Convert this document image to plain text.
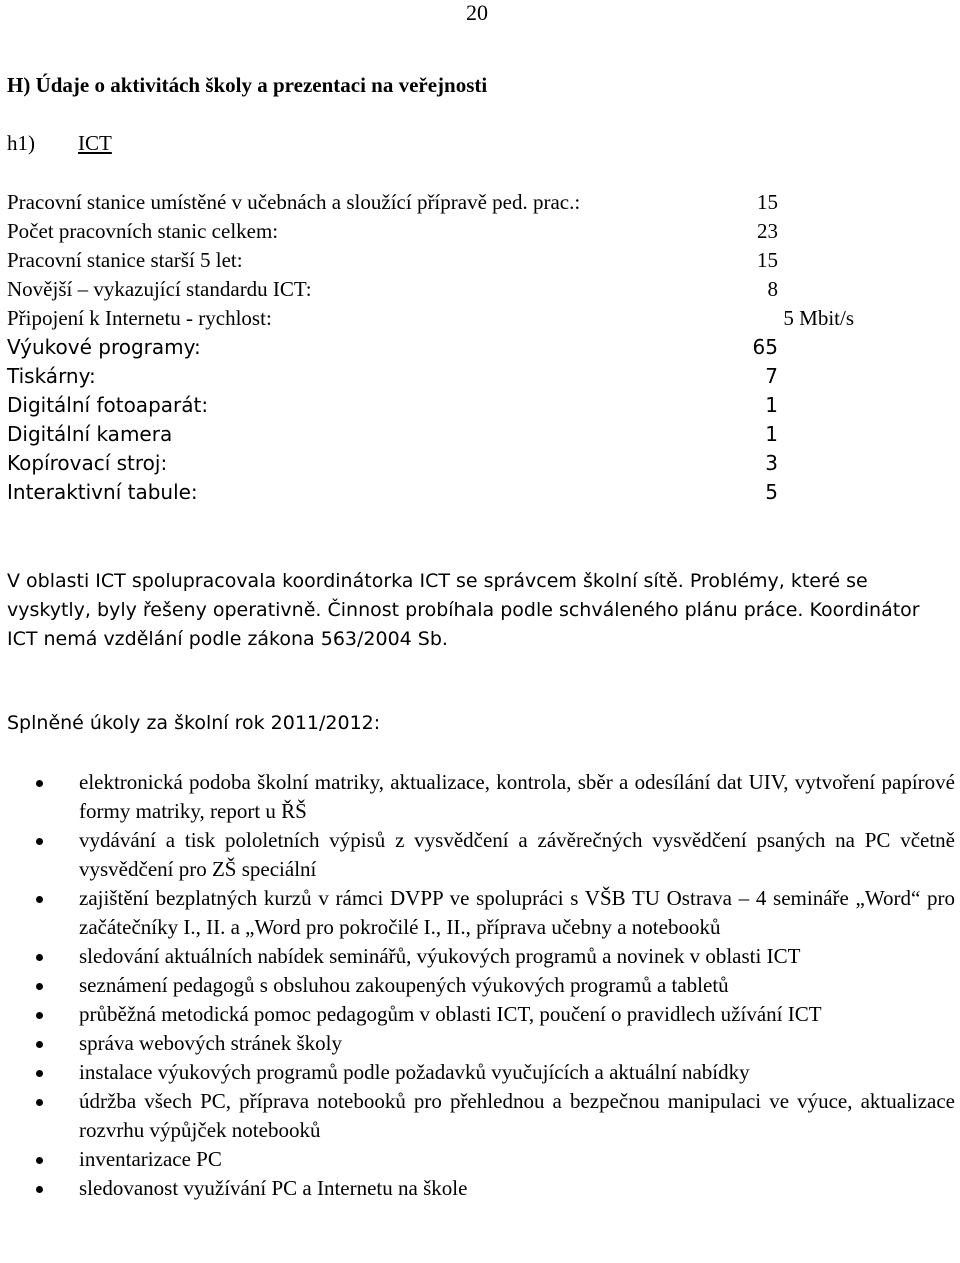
20
H) Údaje o aktivitách školy a prezentaci na veřejnosti
h1) ICT
Pracovní stanice umístěné v učebnách a sloužící přípravě ped. prac.:	15
Počet pracovních stanic celkem:	23
Pracovní stanice starší 5 let:	15
Novější – vykazující standardu ICT:	8
Připojení k Internetu - rychlost:	5 Mbit/s
Výukové programy:	65
Tiskárny:	7
Digitální fotoaparát:	1
Digitální kamera	1
Kopírovací stroj:	3
Interaktivní tabule:	5

V oblasti ICT spolupracovala koordinátorka ICT se správcem školní sítě. Problémy, které se vyskytly, byly řešeny operativně. Činnost probíhala podle schváleného plánu práce. Koordinátor ICT nemá vzdělání podle zákona 563/2004 Sb.

Splněné úkoly za školní rok 2011/2012:

elektronická podoba školní matriky, aktualizace, kontrola, sběr a odesílání dat UIV, vytvoření papírové formy matriky, report u ŘŠ
vydávání a tisk pololetních výpisů z vysvědčení a závěrečných vysvědčení psaných na PC včetně vysvědčení pro ZŠ speciální
zajištění bezplatných kurzů v rámci DVPP ve spolupráci s VŠB TU Ostrava – 4 semináře „Word“ pro začátečníky I., II. a „Word pro pokročilé I., II., příprava učebny a notebooků
sledování aktuálních nabídek seminářů, výukových programů a novinek v oblasti ICT
seznámení pedagogů s obsluhou zakoupených výukových programů a tabletů
průběžná metodická pomoc pedagogům v oblasti ICT, poučení o pravidlech užívání ICT
správa webových stránek školy
instalace výukových programů podle požadavků vyučujících a aktuální nabídky
údržba všech PC, příprava notebooků pro přehlednou a bezpečnou manipulaci ve výuce, aktualizace rozvrhu výpůjček notebooků
inventarizace PC
sledovanost využívání PC a Internetu na škole
